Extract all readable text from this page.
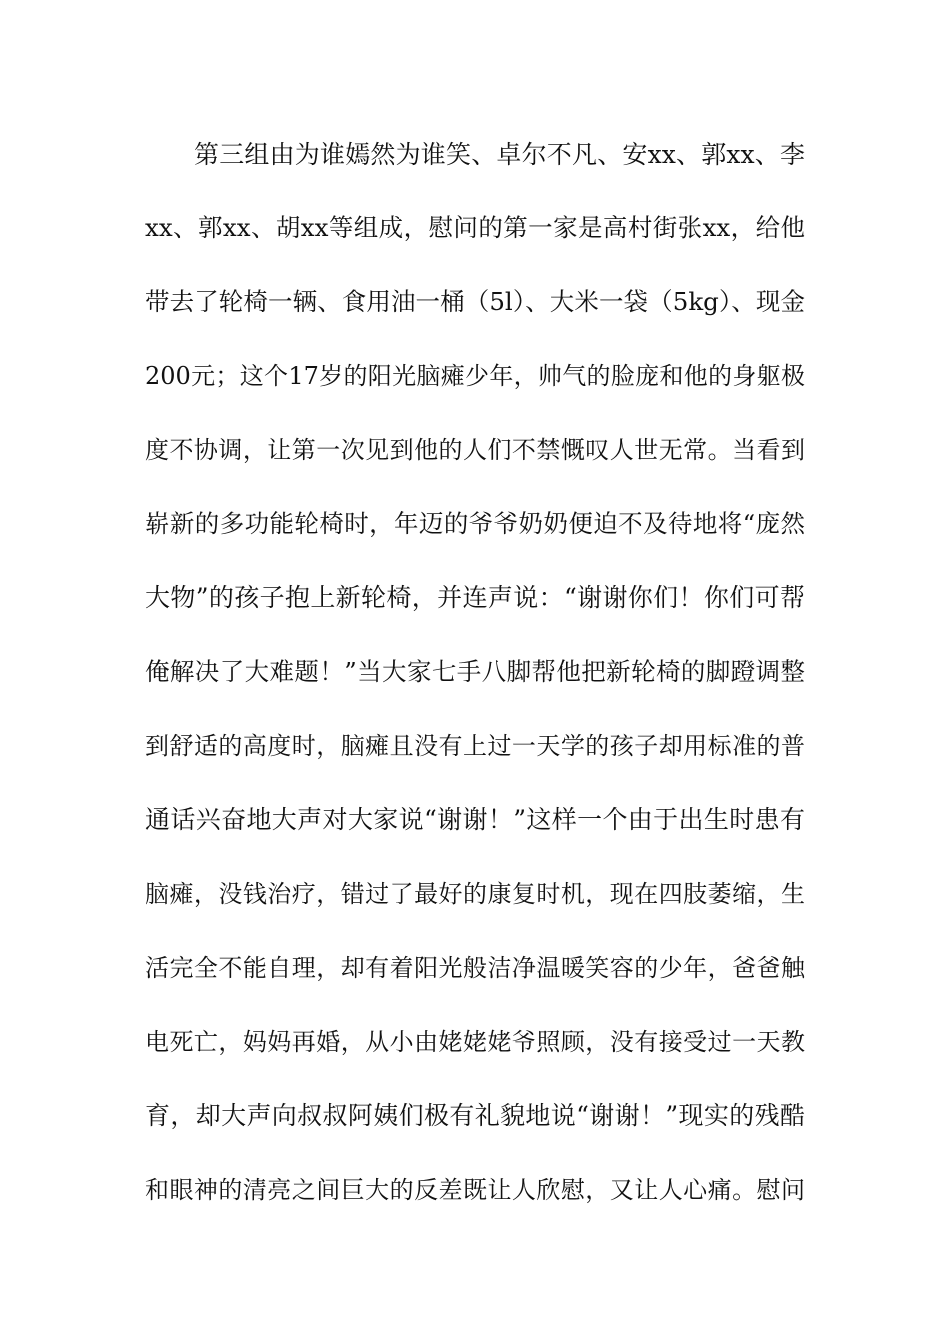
第三组由为谁嫣然为谁笑、卓尔不凡、安xx、郭xx、李
xx、郭xx、胡xx等组成，慰问的第一家是高村街张xx，给他
带去了轮椅一辆、食用油一桶（5l）、大米一袋（5kg）、现金
200元；这个17岁的阳光脑瘫少年，帅气的脸庞和他的身躯极
度不协调，让第一次见到他的人们不禁慨叹人世无常。当看到
崭新的多功能轮椅时，年迈的爷爷奶奶便迫不及待地将“庞然
大物”的孩子抱上新轮椅，并连声说：“谢谢你们！你们可帮
俺解决了大难题！”当大家七手八脚帮他把新轮椅的脚蹬调整
到舒适的高度时，脑瘫且没有上过一天学的孩子却用标准的普
通话兴奋地大声对大家说“谢谢！”这样一个由于出生时患有
脑瘫，没钱治疗，错过了最好的康复时机，现在四肢萎缩，生
活完全不能自理，却有着阳光般洁净温暖笑容的少年，爸爸触
电死亡，妈妈再婚，从小由姥姥姥爷照顾，没有接受过一天教
育，却大声向叔叔阿姨们极有礼貌地说“谢谢！”现实的残酷
和眼神的清亮之间巨大的反差既让人欣慰，又让人心痛。慰问
